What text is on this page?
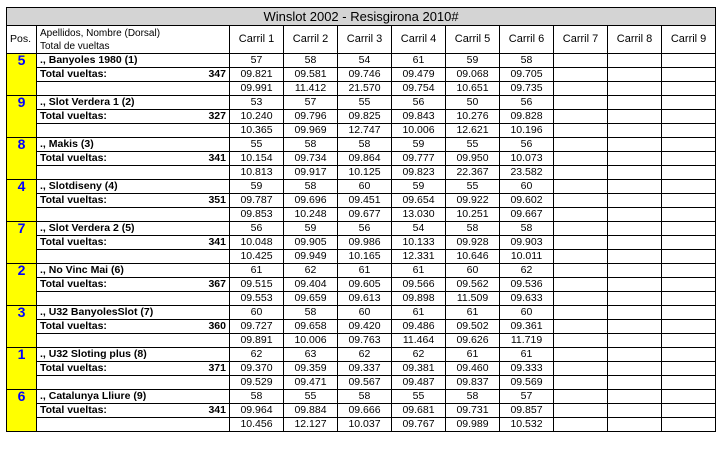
Winslot 2002 - Resisgirona 2010#										
Pos.	Apellidos, Nombre (Dorsal)
Total de vueltas	Carril 1	Carril 2	Carril 3	Carril 4	Carril 5	Carril 6	Carril 7	Carril 8	Carril 9
5	., Banyoles 1980 (1)	57	58	54	61	59	58			

	Total vueltas: 347	09.821	09.581	09.746	09.479	09.068	09.705			
		09.991	11.412	21.570	09.754	10.651	09.735			
9	., Slot Verdera 1 (2)	53	57	55	56	50	56			

	Total vueltas: 327	10.240	09.796	09.825	09.843	10.276	09.828			
		10.365	09.969	12.747	10.006	12.621	10.196			
8	., Makis (3)	55	58	58	59	55	56			

	Total vueltas: 341	10.154	09.734	09.864	09.777	09.950	10.073			
		10.813	09.917	10.125	09.823	22.367	23.582			
4	., Slotdiseny (4)	59	58	60	59	55	60			

	Total vueltas: 351	09.787	09.696	09.451	09.654	09.922	09.602			
		09.853	10.248	09.677	13.030	10.251	09.667			
7	., Slot Verdera 2 (5)	56	59	56	54	58	58			

	Total vueltas: 341	10.048	09.905	09.986	10.133	09.928	09.903			
		10.425	09.949	10.165	12.331	10.646	10.011			
2	., No Vinc Mai (6)	61	62	61	61	60	62			

	Total vueltas: 367	09.515	09.404	09.605	09.566	09.562	09.536			
		09.553	09.659	09.613	09.898	11.509	09.633			
3	., U32 BanyolesSlot (7)	60	58	60	61	61	60			

	Total vueltas: 360	09.727	09.658	09.420	09.486	09.502	09.361			
		09.891	10.006	09.763	11.464	09.626	11.719			
1	., U32 Sloting plus (8)	62	63	62	62	61	61			

	Total vueltas: 371	09.370	09.359	09.337	09.381	09.460	09.333			
		09.529	09.471	09.567	09.487	09.837	09.569			
6	., Catalunya Lliure (9)	58	55	58	55	58	57			

	Total vueltas: 341	09.964	09.884	09.666	09.681	09.731	09.857			
		10.456	12.127	10.037	09.767	09.989	10.532			
